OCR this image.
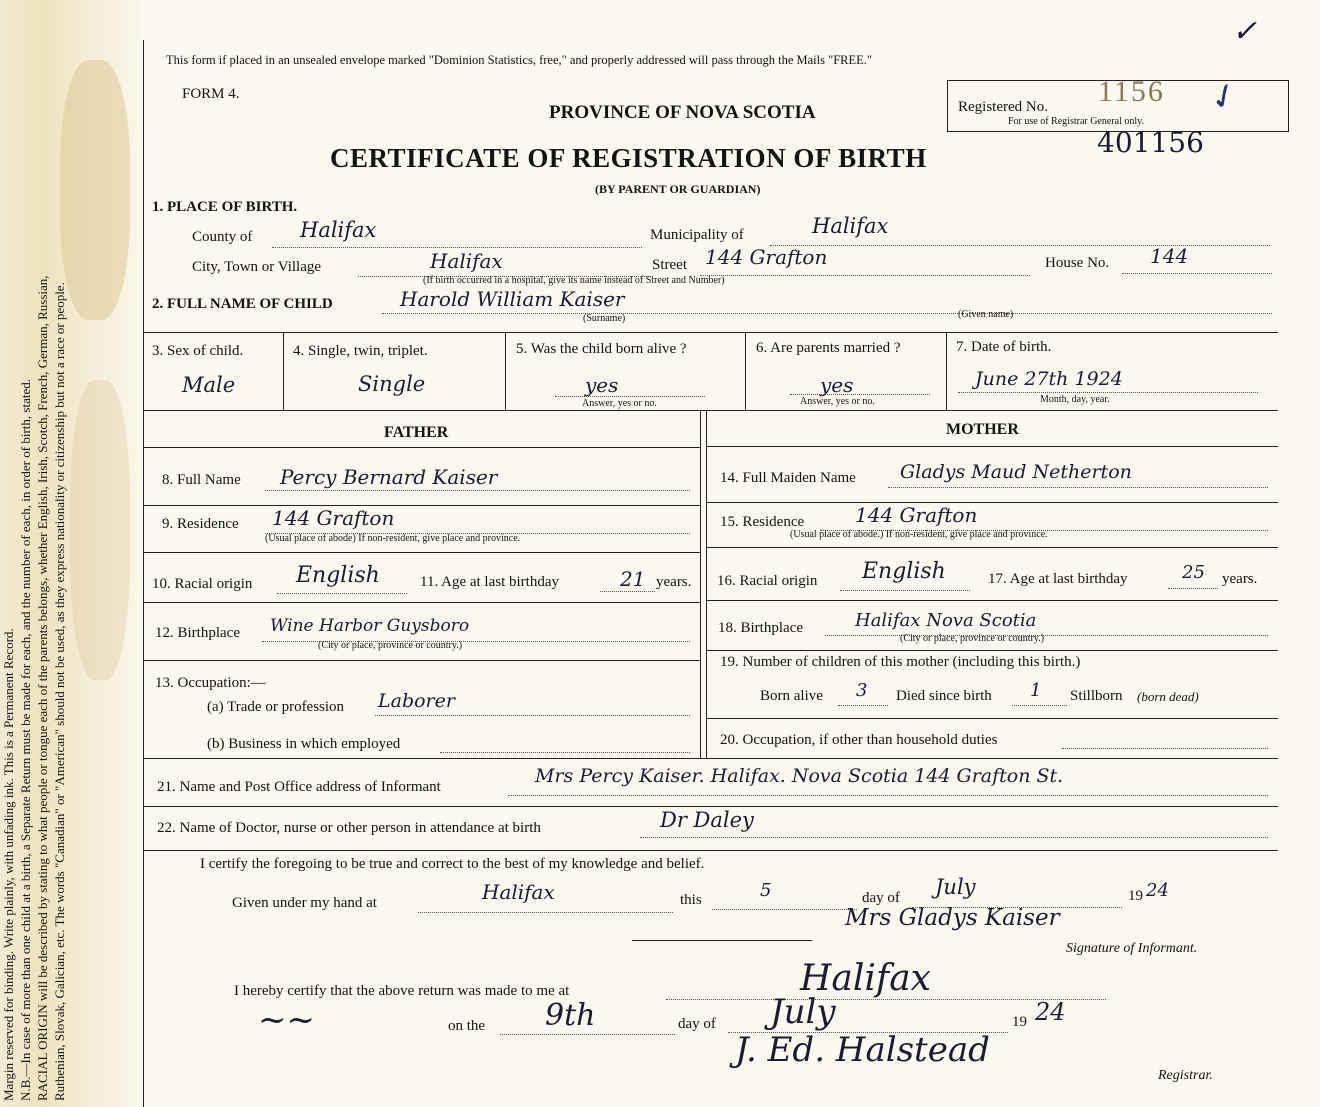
Margin reserved for binding. Write plainly, with unfading ink. This is a Permanent Record. N.B.—In case of more than one child at a birth, a Separate Return must be made for each, and the number of each, in order of birth, stated. RACIAL ORIGIN will be described by stating to what people or tongue each of the parents belongs, whether English, Irish, Scotch, French, German, Russian, Ruthenian, Slovak, Galician, etc. The words "Canadian" or "American" should not be used, as they express nationality or citizenship but not a race or people.
This form if placed in an unsealed envelope marked "Dominion Statistics, free," and properly addressed will pass through the Mails "FREE."
✓
FORM 4.
PROVINCE OF NOVA SCOTIA	Registered No. 1156
For use of Registrar General only.
✓
CERTIFICATE OF REGISTRATION OF BIRTH	401156
(BY PARENT OR GUARDIAN)
1. PLACE OF BIRTH.
County of Halifax	Municipality of	Halifax
City, Town or Village	Halifax	Street 144 Grafton
(If birth occurred in a hospital, give its name instead of Street and Number)
House No. 144
2. FULL NAME OF CHILD	Harold William Kaiser
(Surname)	(Given name)
3. Sex of child.
Male
4. Single, twin, triplet.
Single
5. Was the child born alive ?
yes
Answer, yes or no.
6. Are parents married ?
yes
Answer, yes or no.
7. Date of birth.
June 27th 1924
Month, day, year.
FATHER
8. Full Name Percy Bernard Kaiser
9. Residence 144 Grafton
(Usual place of abode) If non-resident, give place and province.
10. Racial origin English	11. Age at last birthday	21 years.
12. Birthplace Wine Harbor Guysboro
(City or place, province or country.)
13. Occupation:—
(a) Trade or profession Laborer
(b) Business in which employed
MOTHER
14. Full Maiden Name Gladys Maud Netherton
15. Residence	144 Grafton
(Usual place of abode.) If non-resident, give place and province.
16. Racial origin English	17. Age at last birthday	25 years.
18. Birthplace	Halifax Nova Scotia
(City or place, province or country.)
19. Number of children of this mother (including this birth.)
Born alive 3 Died since birth 1 Stillborn (born dead)
20. Occupation, if other than household duties
21. Name and Post Office address of Informant	Mrs Percy Kaiser. Halifax. Nova Scotia 144 Grafton St.
22. Name of Doctor, nurse or other person in attendance at birth	Dr Daley
I certify the foregoing to be true and correct to the best of my knowledge and belief.
Given under my hand at	Halifax	this	5	day of July	19 24
Mrs Gladys Kaiser
Signature of Informant.
I hereby certify that the above return was made to me at	Halifax
~~	on the 9th	day of July	19 24
J. Ed. Halstead
Registrar.
